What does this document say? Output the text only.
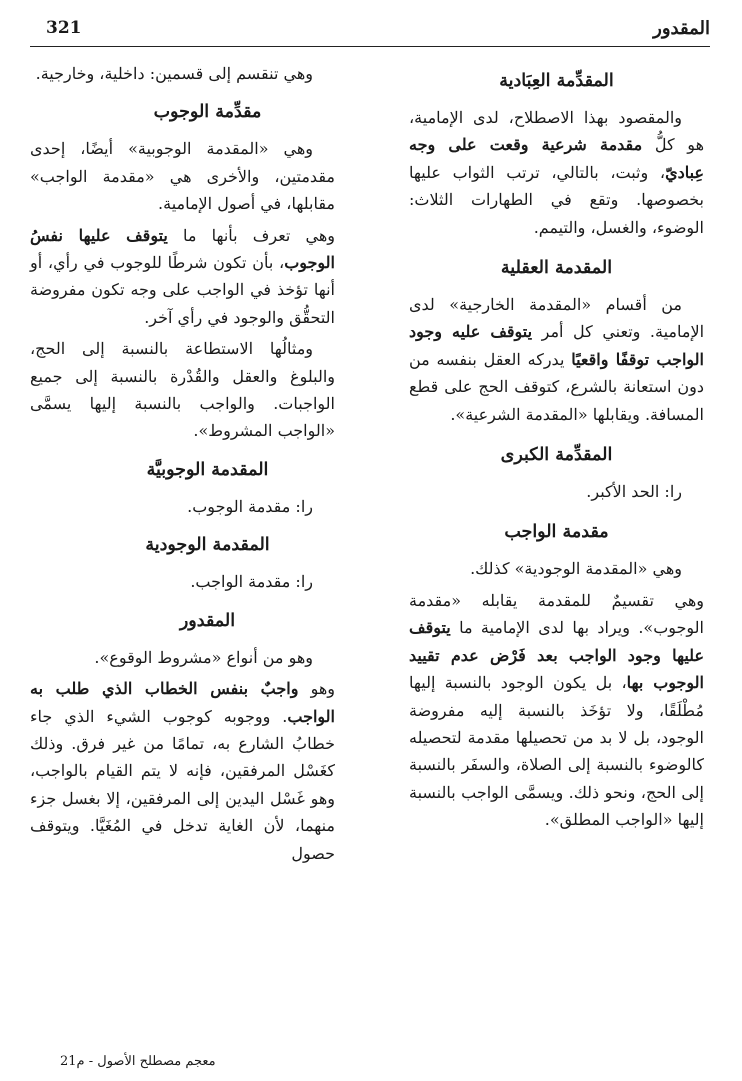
321	المقدور
المقدِّمة العِبَادية

والمقصود بهذا الاصطلاح، لدى الإمامية، هو كلُّ مقدمة شرعية وقعت على وجه عِباديّ، وثبت، بالتالي، ترتب الثواب عليها بخصوصها. وتقع في الطهارات الثلاث: الوضوء، والغسل، والتيمم.

المقدمة العقلية

من أقسام «المقدمة الخارجية» لدى الإمامية. وتعني كل أمر يتوقف عليه وجود الواجب توقفًا واقعيًا يدركه العقل بنفسه من دون استعانة بالشرع، كتوقف الحج على قطع المسافة. ويقابلها «المقدمة الشرعية».

المقدِّمة الكبرى

را: الحد الأكبر.

مقدمة الواجب

وهي «المقدمة الوجودية» كذلك.

وهي تقسيمٌ للمقدمة يقابله «مقدمة الوجوب». ويراد بها لدى الإمامية ما يتوقف عليها وجود الواجب بعد فَرْض عدم تقييد الوجوب بها، بل يكون الوجود بالنسبة إليها مُطْلَقًا، ولا تؤخَذ بالنسبة إليه مفروضة الوجود، بل لا بد من تحصيلها مقدمة لتحصيله كالوضوء بالنسبة إلى الصلاة، والسفَر بالنسبة إلى الحج، ونحو ذلك. ويسمَّى الواجب بالنسبة إليها «الواجب المطلق».

وهي تنقسم إلى قسمين: داخلية، وخارجية.

مقدِّمة الوجوب

وهي «المقدمة الوجوبية» أيضًا، إحدى مقدمتين، والأخرى هي «مقدمة الواجب» مقابلها، في أصول الإمامية.

وهي تعرف بأنها ما يتوقف عليها نفسُ الوجوب، بأن تكون شرطًا للوجوب في رأي، أو أنها تؤخذ في الواجب على وجه تكون مفروضة التحقُّق والوجود في رأي آخر.

ومثالُها الاستطاعة بالنسبة إلى الحج، والبلوغ والعقل والقُدْرة بالنسبة إلى جميع الواجبات. والواجب بالنسبة إليها يسمَّى «الواجب المشروط».

المقدمة الوجوبيَّة

را: مقدمة الوجوب.

المقدمة الوجودية

را: مقدمة الواجب.

المقدور

وهو من أنواع «مشروط الوقوع».

وهو واجبٌ بنفس الخطاب الذي طلب به الواجب. ووجوبه كوجوب الشيء الذي جاء خطابُ الشارع به، تمامًا من غير فرق. وذلك كغَسْل المرفقين، فإنه لا يتم القيام بالواجب، وهو غَسْل اليدين إلى المرفقين، إلا بغسل جزء منهما، لأن الغاية تدخل في المُغَيَّا. ويتوقف حصول

معجم مصطلح الأصول - م21
